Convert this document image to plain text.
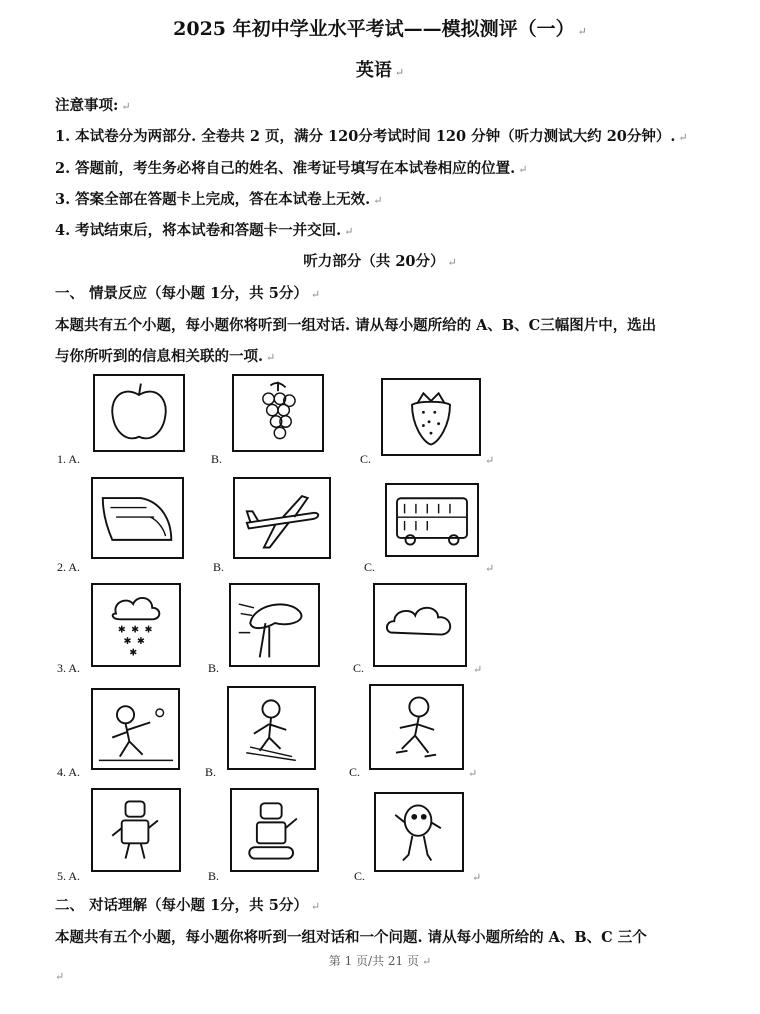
2025 年初中学业水平考试——模拟测评（一） ↵
英语 ↵
注意事项: ↵
1. 本试卷分为两部分. 全卷共 2 页，满分 120分考试时间 120 分钟（听力测试大约 20分钟）. ↵
2. 答题前，考生务必将自己的姓名、准考证号填写在本试卷相应的位置. ↵
3. 答案全部在答题卡上完成，答在本试卷上无效. ↵
4. 考试结束后，将本试卷和答题卡一并交回. ↵
听力部分（共 20分） ↵
一、 情景反应（每小题 1分，共 5分） ↵
本题共有五个小题，每小题你将听到一组对话. 请从每小题所给的 A、B、C三幅图片中，选出
与你所听到的信息相关联的一项. ↵
1. A.	B.	C.	↵
2. A.	B.	C.	↵
✱ ✱ ✱
✱ ✱
✱
3. A.	B.	C.	↵
4. A.	B.	C.	↵
5. A.	B.	C.	↵
二、 对话理解（每小题 1分，共 5分） ↵
本题共有五个小题，每小题你将听到一组对话和一个问题. 请从每小题所给的 A、B、C 三个
第 1 页/共 21 页 ↵
↵
